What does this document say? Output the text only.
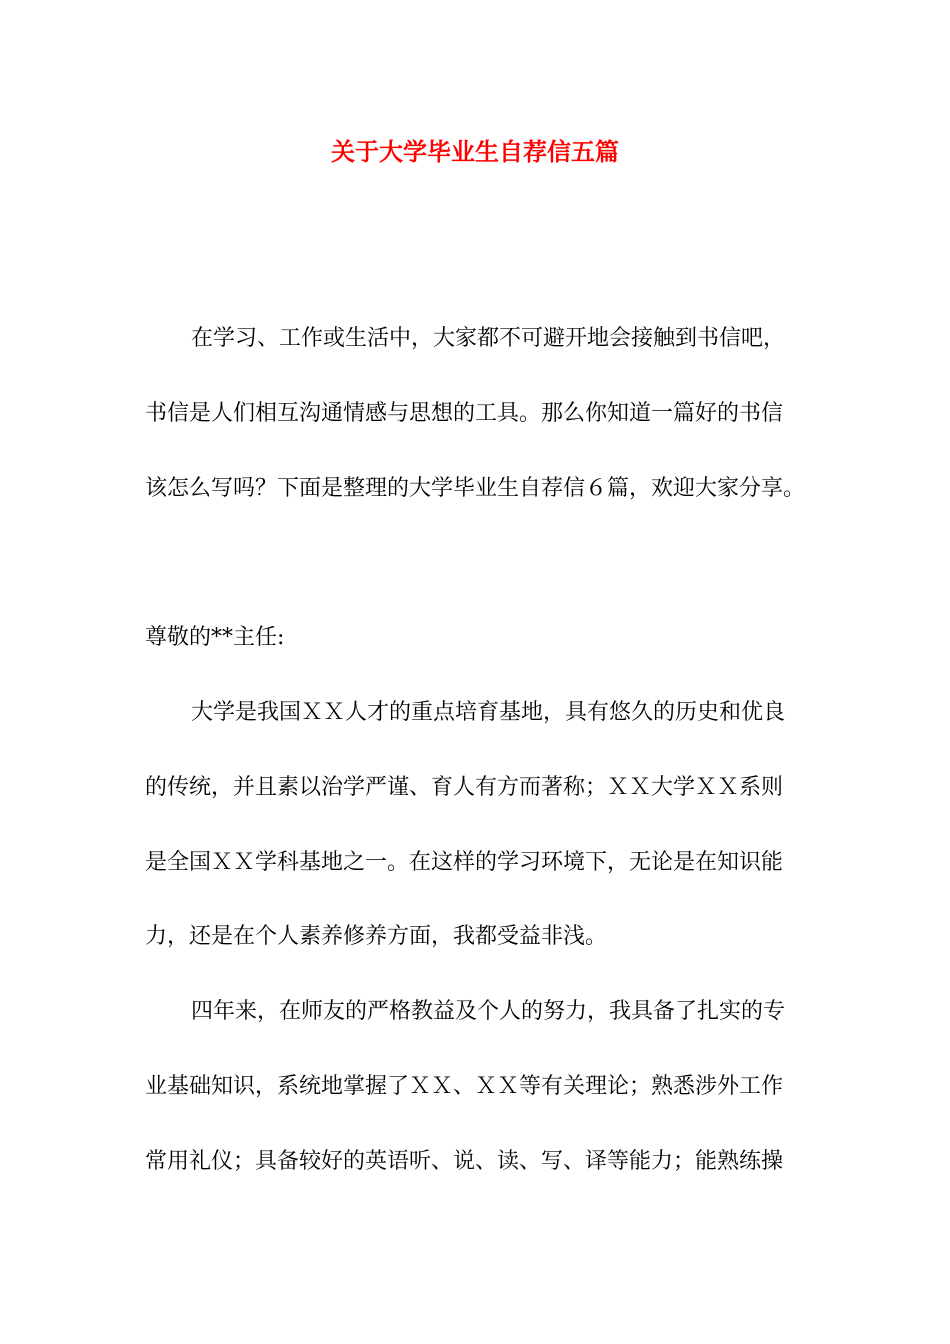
关于大学毕业生自荐信五篇

在学习、工作或生活中，大家都不可避开地会接触到书信吧，

书信是人们相互沟通情感与思想的工具。那么你知道一篇好的书信

该怎么写吗？下面是整理的大学毕业生自荐信６篇，欢迎大家分享。

尊敬的**主任:

大学是我国ＸＸ人才的重点培育基地，具有悠久的历史和优良

的传统，并且素以治学严谨、育人有方而著称；ＸＸ大学ＸＸ系则

是全国ＸＸ学科基地之一。在这样的学习环境下，无论是在知识能

力，还是在个人素养修养方面，我都受益非浅。

四年来，在师友的严格教益及个人的努力，我具备了扎实的专

业基础知识，系统地掌握了ＸＸ、ＸＸ等有关理论；熟悉涉外工作

常用礼仪；具备较好的英语听、说、读、写、译等能力；能熟练操
